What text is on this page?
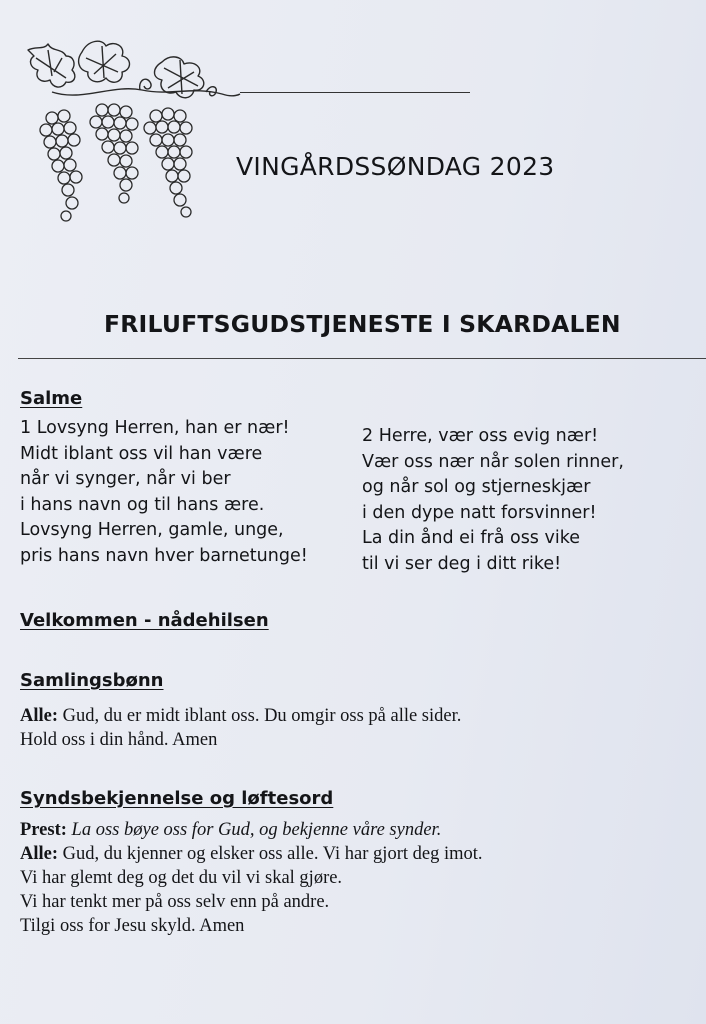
VINGÅRDSSØNDAG 2023
FRILUFTSGUDSTJENESTE I SKARDALEN
Salme
1 Lovsyng Herren, han er nær!
Midt iblant oss vil han være
når vi synger, når vi ber
i hans navn og til hans ære.
Lovsyng Herren, gamle, unge,
pris hans navn hver barnetunge!
2 Herre, vær oss evig nær!
Vær oss nær når solen rinner,
og når sol og stjerneskjær
i den dype natt forsvinner!
La din ånd ei frå oss vike
til vi ser deg i ditt rike!
Velkommen - nådehilsen
Samlingsbønn
Alle: Gud, du er midt iblant oss. Du omgir oss på alle sider.
Hold oss i din hånd. Amen
Syndsbekjennelse og løftesord
Prest: La oss bøye oss for Gud, og bekjenne våre synder.
Alle: Gud, du kjenner og elsker oss alle. Vi har gjort deg imot.
Vi har glemt deg og det du vil vi skal gjøre.
Vi har tenkt mer på oss selv enn på andre.
Tilgi oss for Jesu skyld. Amen
